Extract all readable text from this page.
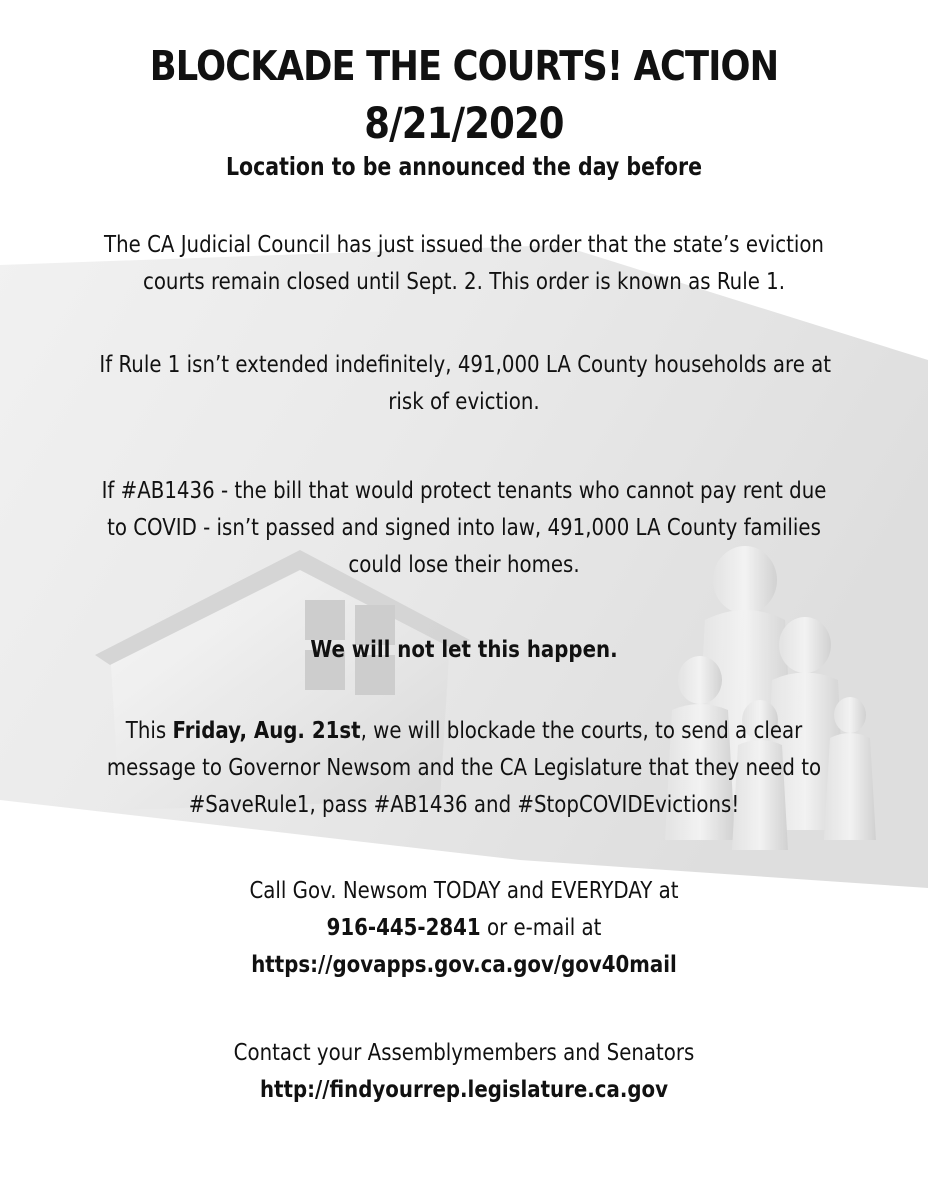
BLOCKADE THE COURTS! ACTION
8/21/2020

Location to be announced the day before

The CA Judicial Council has just issued the order that the state’s eviction
courts remain closed until Sept. 2. This order is known as Rule 1.

If Rule 1 isn’t extended indefinitely, 491,000 LA County households are at
risk of eviction.

If #AB1436 - the bill that would protect tenants who cannot pay rent due
to COVID - isn’t passed and signed into law, 491,000 LA County families
could lose their homes.

We will not let this happen.

This Friday, Aug. 21st, we will blockade the courts, to send a clear
message to Governor Newsom and the CA Legislature that they need to
#SaveRule1, pass #AB1436 and #StopCOVIDEvictions!

Call Gov. Newsom TODAY and EVERYDAY at
916-445-2841 or e-mail at
https://govapps.gov.ca.gov/gov40mail

Contact your Assemblymembers and Senators
http://findyourrep.legislature.ca.gov
